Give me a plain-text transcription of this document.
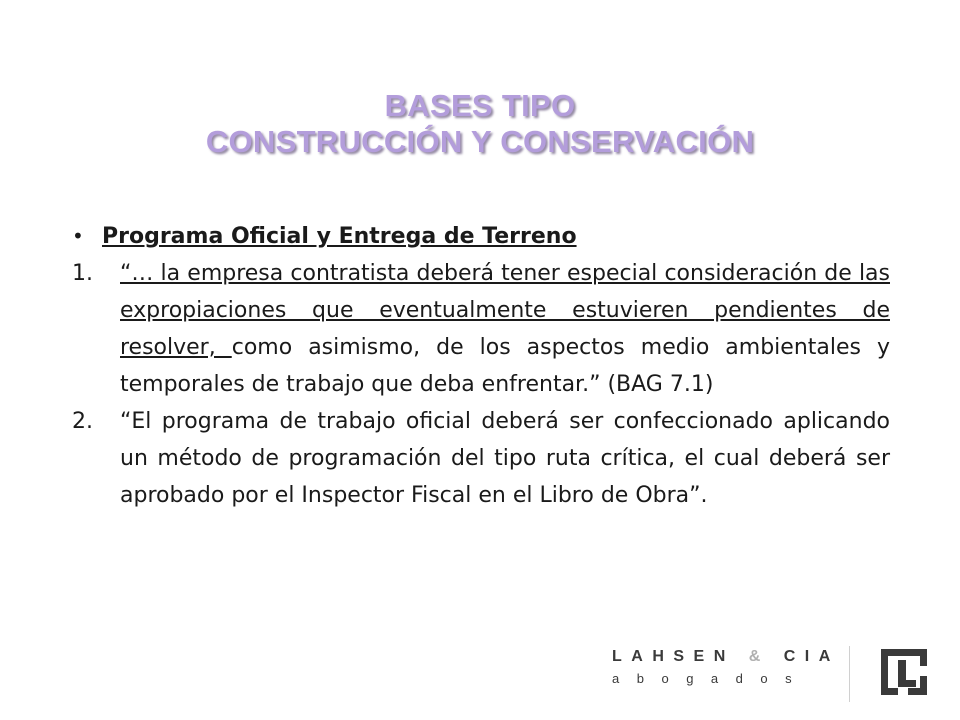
BASES TIPO
CONSTRUCCIÓN Y CONSERVACIÓN
• Programa Oficial y Entrega de Terreno
1.	“… la empresa contratista deberá tener especial consideración de las expropiaciones que eventualmente estuvieren pendientes de resolver, como asimismo, de los aspectos medio ambientales y temporales de trabajo que deba enfrentar.” (BAG 7.1)
2.	“El programa de trabajo oficial deberá ser confeccionado aplicando un método de programación del tipo ruta crítica, el cual deberá ser aprobado por el Inspector Fiscal en el Libro de Obra”.
LAHSEN & CIA
abogados
